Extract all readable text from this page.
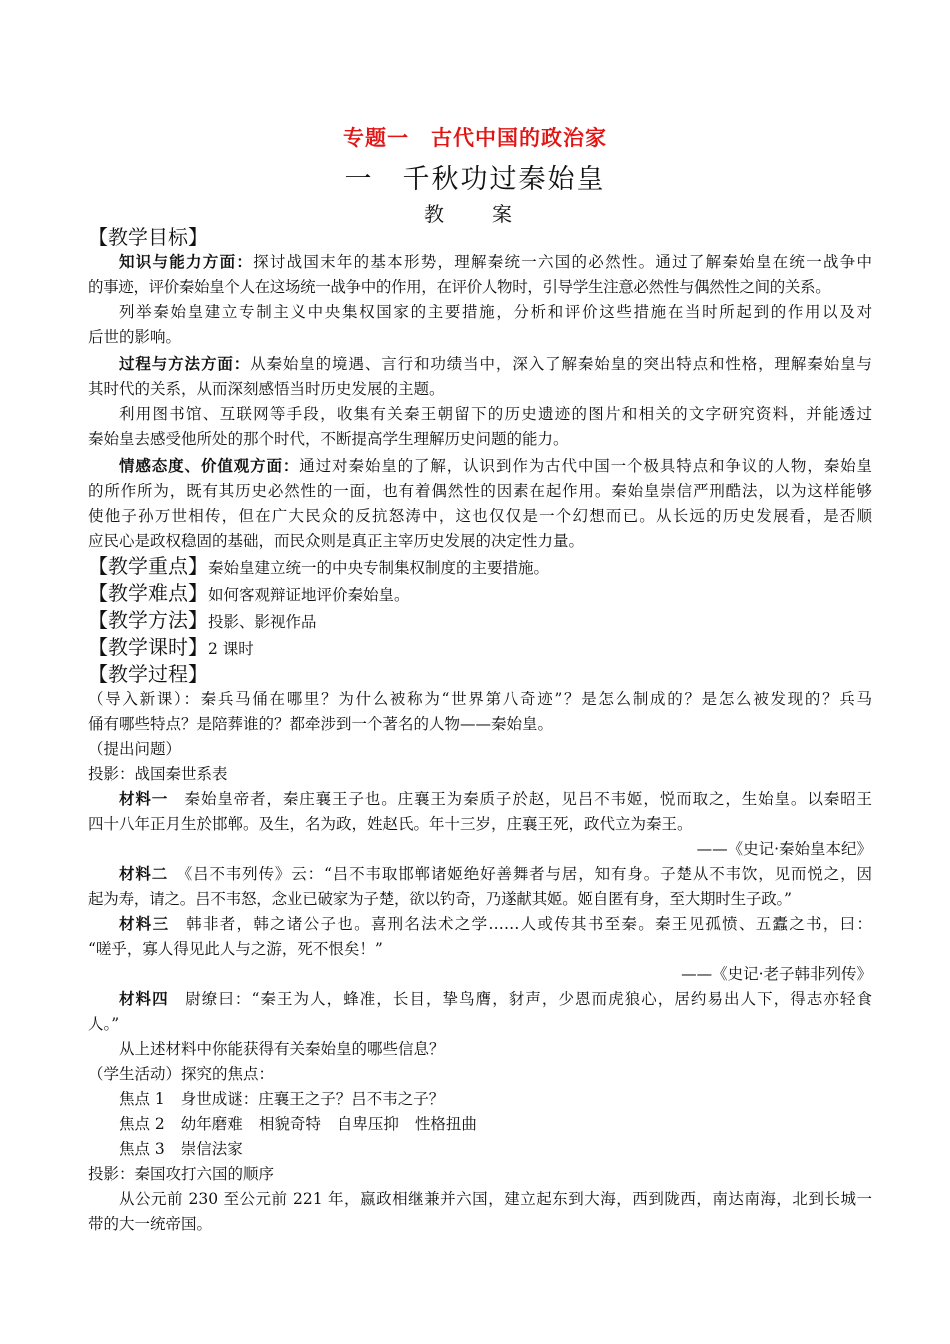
专题一　古代中国的政治家
一　千秋功过秦始皇
教　案

【教学目标】

知识与能力方面：探讨战国末年的基本形势，理解秦统一六国的必然性。通过了解秦始皇在统一战争中

的事迹，评价秦始皇个人在这场统一战争中的作用，在评价人物时，引导学生注意必然性与偶然性之间的关系。

列举秦始皇建立专制主义中央集权国家的主要措施，分析和评价这些措施在当时所起到的作用以及对

后世的影响。

过程与方法方面：从秦始皇的境遇、言行和功绩当中，深入了解秦始皇的突出特点和性格，理解秦始皇与

其时代的关系，从而深刻感悟当时历史发展的主题。

利用图书馆、互联网等手段，收集有关秦王朝留下的历史遗迹的图片和相关的文字研究资料，并能透过

秦始皇去感受他所处的那个时代，不断提高学生理解历史问题的能力。

情感态度、价值观方面：通过对秦始皇的了解，认识到作为古代中国一个极具特点和争议的人物，秦始皇

的所作所为，既有其历史必然性的一面，也有着偶然性的因素在起作用。秦始皇崇信严刑酷法，以为这样能够

使他子孙万世相传，但在广大民众的反抗怒涛中，这也仅仅是一个幻想而已。从长远的历史发展看，是否顺

应民心是政权稳固的基础，而民众则是真正主宰历史发展的决定性力量。

【教学重点】秦始皇建立统一的中央专制集权制度的主要措施。

【教学难点】如何客观辩证地评价秦始皇。

【教学方法】投影、影视作品

【教学课时】2 课时

【教学过程】

（导入新课）：秦兵马俑在哪里？为什么被称为“世界第八奇迹”？是怎么制成的？是怎么被发现的？兵马

俑有哪些特点？是陪葬谁的？都牵涉到一个著名的人物——秦始皇。

（提出问题）

投影：战国秦世系表

材料一　秦始皇帝者，秦庄襄王子也。庄襄王为秦质子於赵，见吕不韦姬，悦而取之，生始皇。以秦昭王

四十八年正月生於邯郸。及生，名为政，姓赵氏。年十三岁，庄襄王死，政代立为秦王。

——《史记·秦始皇本纪》

材料二　《吕不韦列传》云：“吕不韦取邯郸诸姬绝好善舞者与居，知有身。子楚从不韦饮，见而悦之，因

起为寿，请之。吕不韦怒，念业已破家为子楚，欲以钓奇，乃遂献其姬。姬自匿有身，至大期时生子政。”

材料三　韩非者，韩之诸公子也。喜刑名法术之学……人或传其书至秦。秦王见孤愤、五蠹之书，曰：

“嗟乎，寡人得见此人与之游，死不恨矣！”

——《史记·老子韩非列传》

材料四　尉缭曰：“秦王为人，蜂准，长目，挚鸟膺，豺声，少恩而虎狼心，居约易出人下，得志亦轻食

人。”

从上述材料中你能获得有关秦始皇的哪些信息？

（学生活动）探究的焦点：

焦点 1 身世成谜：庄襄王之子？吕不韦之子？

焦点 2 幼年磨难 相貌奇特 自卑压抑 性格扭曲

焦点 3 崇信法家

投影：秦国攻打六国的顺序

从公元前 230 至公元前 221 年，嬴政相继兼并六国，建立起东到大海，西到陇西，南达南海，北到长城一

带的大一统帝国。
